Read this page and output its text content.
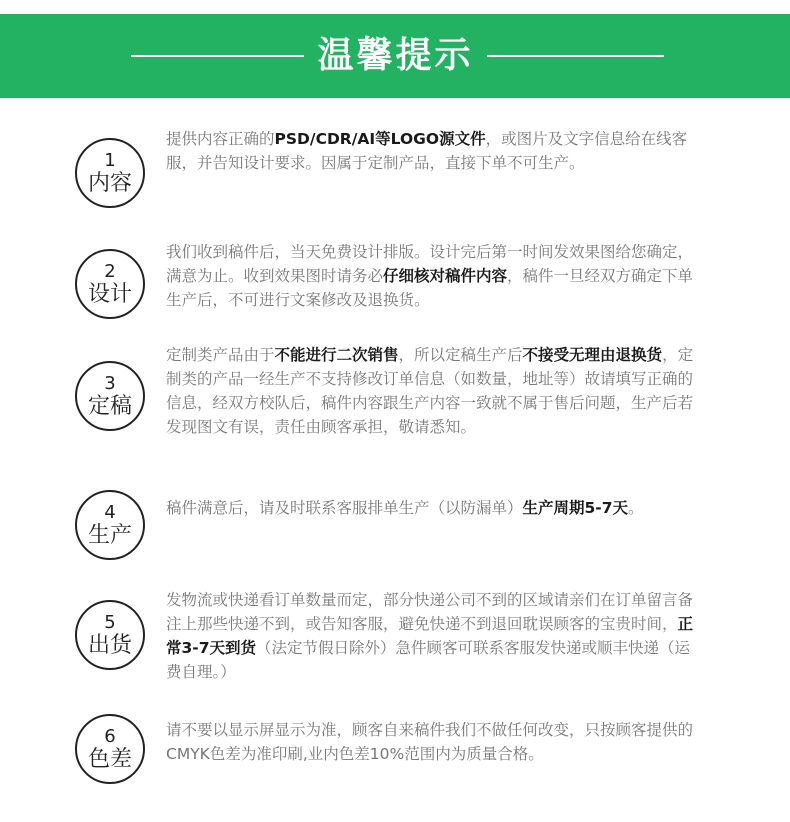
温馨提示
1
内容
提供内容正确的PSD/CDR/AI等LOGO源文件，或图片及文字信息给在线客服，并告知设计要求。因属于定制产品，直接下单不可生产。
2
设计
我们收到稿件后，当天免费设计排版。设计完后第一时间发效果图给您确定，满意为止。收到效果图时请务必仔细核对稿件内容，稿件一旦经双方确定下单生产后，不可进行文案修改及退换货。
3
定稿
定制类产品由于不能进行二次销售，所以定稿生产后不接受无理由退换货，定制类的产品一经生产不支持修改订单信息（如数量，地址等）故请填写正确的信息，经双方校队后，稿件内容跟生产内容一致就不属于售后问题，生产后若发现图文有误，责任由顾客承担，敬请悉知。
4
生产
稿件满意后，请及时联系客服排单生产（以防漏单）生产周期5-7天。
5
出货
发物流或快递看订单数量而定，部分快递公司不到的区域请亲们在订单留言备注上那些快递不到，或告知客服，避免快递不到退回耽误顾客的宝贵时间，正常3-7天到货（法定节假日除外）急件顾客可联系客服发快递或顺丰快递（运费自理。）
6
色差
请不要以显示屏显示为准，顾客自来稿件我们不做任何改变，只按顾客提供的CMYK色差为准印刷,业内色差10%范围内为质量合格。
